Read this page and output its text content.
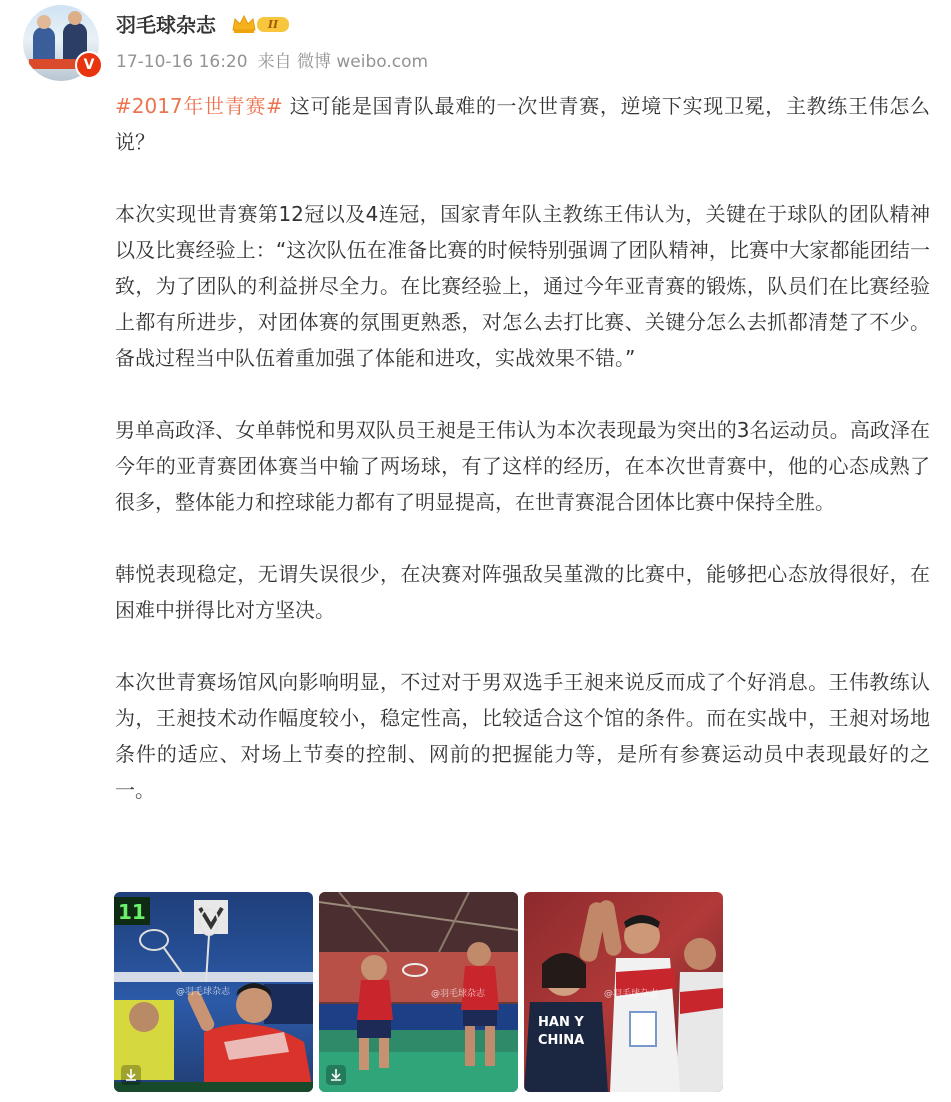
V
羽毛球杂志	II
17-10-16 16:20 来自 微博 weibo.com

#2017年世青赛# 这可能是国青队最难的一次世青赛，逆境下实现卫冕，主教练王伟怎么说？

本次实现世青赛第12冠以及4连冠，国家青年队主教练王伟认为，关键在于球队的团队精神以及比赛经验上：“这次队伍在准备比赛的时候特别强调了团队精神，比赛中大家都能团结一致，为了团队的利益拼尽全力。在比赛经验上，通过今年亚青赛的锻炼，队员们在比赛经验上都有所进步，对团体赛的氛围更熟悉，对怎么去打比赛、关键分怎么去抓都清楚了不少。备战过程当中队伍着重加强了体能和进攻，实战效果不错。”

男单高政泽、女单韩悦和男双队员王昶是王伟认为本次表现最为突出的3名运动员。高政泽在今年的亚青赛团体赛当中输了两场球，有了这样的经历，在本次世青赛中，他的心态成熟了很多，整体能力和控球能力都有了明显提高，在世青赛混合团体比赛中保持全胜。

韩悦表现稳定，无谓失误很少，在决赛对阵强敌吴堇溦的比赛中，能够把心态放得很好，在困难中拼得比对方坚决。

本次世青赛场馆风向影响明显，不过对于男双选手王昶来说反而成了个好消息。王伟教练认为，王昶技术动作幅度较小，稳定性高，比较适合这个馆的条件。而在实战中，王昶对场地条件的适应、对场上节奏的控制、网前的把握能力等，是所有参赛运动员中表现最好的之一。

11
@羽毛球杂志	@羽毛球杂志
HAN Y
CHINA
@羽毛球杂志
